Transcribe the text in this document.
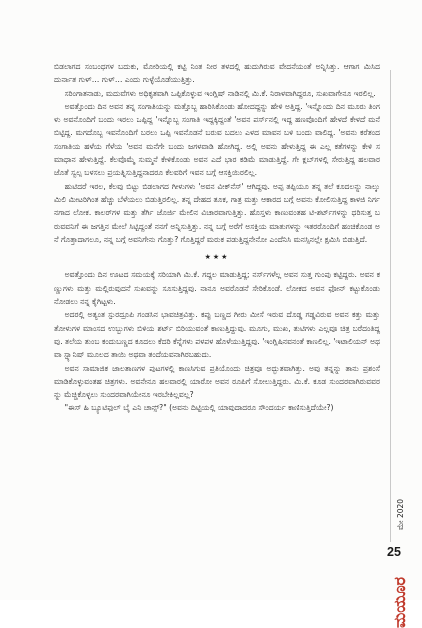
ಬಿಡಲಾಗದ ಸಂಬಂಧಗಳ ಬದುಕು, ಮೋರಿಯಲ್ಲಿ ಕಟ್ಟಿ ನಿಂತ ನೀರ ತಳದಲ್ಲಿ ಹುದುಗಿರುವ ವೇದನೆಯಂತೆ ಅನ್ನಿಸಿತ್ತು. ಆಗಾಗ ಮಿಸಿದ ದುರ್ನಾತ ಗುಳ್… ಗುಳ್… ಎಂದು ಗುಳ್ಳೆಯೊಡೆಯುತ್ತಿತ್ತು.

ಸರಿಂಗಾತನಾಡು, ಮದುವೆಗಳು ಅಧಿಕೃತವಾಗಿ ಒಪ್ಪಿಕೊಳ್ಳುವ ಇಂಗ್ಲಿಷ್ ನಾಡಿನಲ್ಲಿ ಮಿ.ಕೆ. ನಿರಾಳವಾಗಿದ್ದರೂ, ಸುಖವಾಗೇನೂ ಇರಲಿಲ್ಲ.

ಅವತ್ತೊಂದು ದಿನ ಅವನ ತನ್ನ ಸಂಗಾತಿಯನ್ನು ಮತ್ತೊಬ್ಬ ಹಾರಿಸಿಕೊಂಡು ಹೋದದ್ದನ್ನು ಹೇಳಿ ಅತ್ತಿದ್ದ. 'ಇನ್ನೊಂದು ದಿನ ಮೂರು ತಿಂಗಳು ಅವನೊಂದಿಗೆ ಬಂದು ಇರಲು ಒಪ್ಪಿದ್ದ 'ಇನ್ನೊಬ್ಬ ಸಂಗಾತಿ ಇದ್ದಕ್ಕಿದ್ದಂತೆ 'ಅವನ ಪರ್ಸ್‌ನಲ್ಲಿ ಇದ್ದ ಹಣವೊಂದಿಗೆ ಹೇಳದೆ ಕೇಳದೆ ಮನೆ ಬಿಟ್ಟಿದ್ದ. ಮಗದೊಬ್ಬ ಇವನೊಂದಿಗೆ ಬರಲು ಒಪ್ಪಿ ಇವನೊಡನೆ ಬರುವ ಬದಲು ಎಳದ ಮಾವನ ಬಳಿ ಬಂದು ವಾಲಿದ್ದ. 'ಅವನು ಕರೆತಂದ ಸಂಗಾತಿಯ ಹಳೆಯ ಗೆಳೆಯ 'ಅವನ ಮನೆಗೇ ಬಂದು ಜಗಳವಾಡಿ ಹೋಗಿದ್ದ. ಅಲ್ಲಿ ಅವನು ಹೇಳುತ್ತಿದ್ದ ಈ ಎಲ್ಲ ಕತೆಗಳನ್ನು ಕೇಳಿ ಸಮಾಧಾನ ಹೇಳುತ್ತಿದ್ದೆ. ಕೆಲವೊಮ್ಮೆ ಸುಮ್ಮನೆ ಕೇಳಿಕೊಂಡು ಅವನ ಎದೆ ಭಾರ ಕಡಿಮೆ ಮಾಡುತ್ತಿದ್ದೆ. ಗೇ ಕ್ಲಬ್‌ಗಳಲ್ಲಿ ಸೇರುತ್ತಿದ್ದ ಹಲವಾರ ಜೊತೆ ಸ್ವಲ್ಪ ಬಳಸಲು ಪ್ರಯತ್ನಿಸುತ್ತಿದ್ದನಾದರೂ ಕೆಲವರಿಗೆ ಇವನ ಬಗ್ಗೆ ಆಸಕ್ತಿಯಿರಲಿಲ್ಲ.

ಹುಟಿದರೆ ಇರಲ, ಕೆಲವು ಬಿಟ್ಟು ಬಿಡಲಾಗದ ಗೀಳುಗಳು 'ಅವನ ವೀಕ್‌ನೆಸ್' ಆಗಿದ್ದವು. ಅಪ್ಪ ತಪ್ಪಿಯೂ ತನ್ನ ತಲೆ ಕೂದಲನ್ನು ನಾಲ್ಕು ಮಿಲಿ ಮೀಟರಿಗಿಂತ ಹೆಚ್ಚು ಬೆಳೆಯಲು ಬಿಡುತ್ತಿರಲಿಲ್ಲ. ತನ್ನ ದೇಹದ ತೂಕ, ಗಾತ್ರ ಮತ್ತು ಆಕಾರದ ಬಗ್ಗೆ ಅವನು ಕೋಲಿಸುತ್ತಿದ್ದ ಕಾಳಜಿ ನಿರ್ಗನಗಾದ ಲೋಕ. ಕಾಲರ್‌ಗಳ ಮತ್ತು ತೆರ್ಗಿ ಜೊರ್ಜಿ ಮೇಲಿನ ವಿಚಾರವಾಗುತ್ತಿತ್ತು. ಹೊಸ್ತಳು ಕಾಣುವಂತಹ ಟಿ-ಶರ್ಟ್‌ಗಳನ್ನು ಧರಿಸುತ್ತ ಬರುವವನಿಗೆ ಈ ಜಗತ್ತಿನ ಮೇಲೆ ಸಿಟ್ಟಿದ್ದಂತೆ ನನಗೆ ಅನ್ನಿಸುತ್ತಿತ್ತು. ನನ್ನ ಬಗ್ಗೆ ಅರೆಗೆ ಅಸಕ್ತಿಯ ಮಾತುಗಳನ್ನು ಇತರರೊಂದಿಗೆ ಹಂಚಿಕೊಂಡ ಅನೆ ಗೊತ್ತಾದಾಗಲೂ, ನನ್ನ ಬಗ್ಗೆ ಅವನಿಗೇನು ಗೊತ್ತು? ಗೊತ್ತಿದ್ದರೆ ಮರುಕ ಪಡುತ್ತಿದ್ದನೇನೋ ಎಂದೆನಿಸಿ ಮನಸ್ಸಿನಲ್ಲೇ ಕ್ಷಮಿಸಿ ಬಿಡುತ್ತಿದೆ.

★★★

ಅವತ್ತೊಂದು ದಿನ ಊಟದ ಸಮಯಕ್ಕೆ ಸರಿಯಾಗಿ ಮಿ.ಕೆ. ಗದ್ದಲ ಮಾಡುತ್ತಿದ್ದ; ನರ್ಸ್‌ಗಳೆಲ್ಲ ಅವನ ಸುತ್ತ ಗುಂಪು ಕಟ್ಟಿದ್ದರು. ಅವನ ಕಣ್ಣುಗಳು ಮತ್ತು ಮಲ್ಲಿರುವುದನೆ ಸುಖವನ್ನು ಸೂಸುತ್ತಿದ್ದವು. ನಾನೂ ಅವರೊಡನೆ ಸೇರಿಕೊಂಡೆ. ಲೋಕದ ಅವನ ಫೋನ್ ಕಟ್ಟುಕೊಂಡು ನೋಡಲು ನನ್ನ ಕೈಗಿಟ್ಟಳು.

ಅದರಲ್ಲಿ ಅತ್ಯಂತ ಸ್ಪುರದ್ರೂಪಿ ಗಂಡಸಿನ ಭಾವಚಿತ್ರವಿತ್ತು. ಕಪ್ಪು ಬಣ್ಣದ ಗೀರು ಮೀಸೆ ಇರುವ ದೊಡ್ಡ ಗಡ್ಡವಿರುವ ಅವನ ಕತ್ತು ಮತ್ತು ತೋಳುಗಳ ಮಾಂಸದ ಉಬ್ಬುಗಳು ಬಿಳಿಯ ಶರ್ಟ್ ಬಿರಿಯುವಂತೆ ಕಾಣುತ್ತಿದ್ದುವು. ಮೂಗು, ಮುಖ, ತುಟಿಗಳು ಎಲ್ಲವೂ ಚಿತ್ರ ಬರೆದಂತಿದ್ದವು. ತಲೆಯ ತುಂಬ ಕಂದುಬಣ್ಣದ ಕೂದಲು ಕೆದರಿ ಕೆನ್ನೆಗಳು ಪಳಪಳ ಹೊಳೆಯುತ್ತಿದ್ದವು. 'ಇಂಗ್ಲಿಷಿನವನಂತೆ ಕಾಣಲಿಲ್ಲ. 'ಇಟಾಲಿಯನ್ ಅಥವಾ ಸ್ಪ್ಯಾನಿಷ್ ಮೂಲದ ತಾಯಿ ಅಥವಾ ತಂದೆಯವನಾಗಿರಬಹುದು.

ಅವನ ಸಾಮಾಜಿಕ ಜಾಲತಾಣಗಳ ಪುಟಗಳಲ್ಲಿ ಕಾಣಸಿಗುವ ಪ್ರತಿಯೊಂದು ಚಿತ್ರವೂ ಅದ್ಭುತವಾಗಿತ್ತು. ಅವು ತನ್ನನ್ನು ತಾನು ಪ್ರಶಂಸೆ ಮಾಡಿಕೊಳ್ಳುವಂತಹ ಚಿತ್ರಗಳು. ಅವನೇನೂ ಹಲವಾರಲ್ಲಿ ಯಾರೋ ಅವನ ರೂಪಿಗೆ ಸೋಲುತ್ತಿದ್ದರು. ಮಿ.ಕೆ. ಕೂಡ ಸುಂದರವಾಗಿರುವವರನ್ನು ಮೆಚ್ಚಿಕೊಳ್ಳಲು ಸುಂದರವಾಗಿಯೇನೂ ಇರಬೇಕಿಲ್ಲವಲ್ಲ?

"ಈಸ್ ಹಿ ಬ್ಯೂಟಿಫುಲ್ ಬೈ ಎನಿ ಚಾನ್ಸ್?" (ಅವನು ದಿಟ್ಟಿಯಲ್ಲಿ ಯಾವುದಾದರೂ ಸೌಂದರ್ಯ ಕಾಣಿಸುತ್ತಿದೆಯೇ?)

ಮೇ 2020
ಮಯೂರ
25
